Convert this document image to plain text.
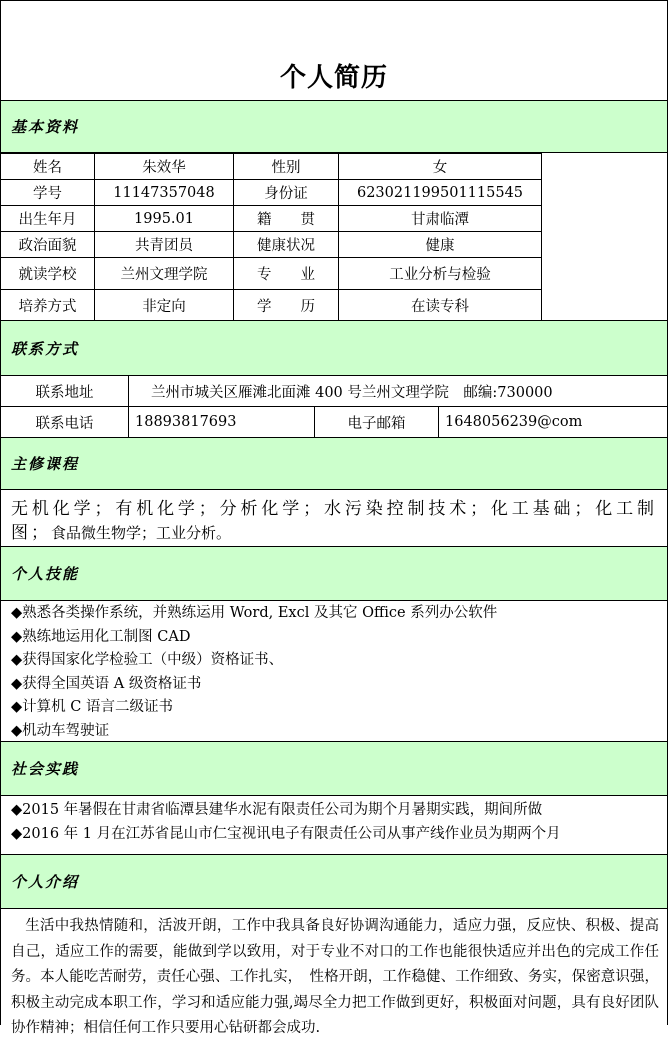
个人简历
基本资料
姓名	朱效华	性别	女
学号	11147357048	身份证	623021199501115545
出生年月	1995.01	籍　　贯	甘肃临潭
政治面貌	共青团员	健康状况	健康
就读学校	兰州文理学院	专　　业	工业分析与检验
培养方式	非定向	学　　历	在读专科
联系方式
联系地址	兰州市城关区雁滩北面滩 400 号兰州文理学院　邮编:730000
联系电话	18893817693	电子邮箱	1648056239@com
主修课程
无机化学；有机化学；分析化学；水污染控制技术；化工基础；化工制图；食品微生物学；工业分析。
个人技能
◆熟悉各类操作系统，并熟练运用 Word, Excl 及其它 Office 系列办公软件
◆熟练地运用化工制图 CAD
◆获得国家化学检验工（中级）资格证书、
◆获得全国英语 A 级资格证书
◆计算机 C 语言二级证书
◆机动车驾驶证
社会实践
◆2015 年暑假在甘肃省临潭县建华水泥有限责任公司为期个月暑期实践，期间所做
◆2016 年 1 月在江苏省昆山市仁宝视讯电子有限责任公司从事产线作业员为期两个月
个人介绍
生活中我热情随和，活波开朗，工作中我具备良好协调沟通能力，适应力强，反应快、积极、提高自己，适应工作的需要，能做到学以致用，对于专业不对口的工作也能很快适应并出色的完成工作任务。本人能吃苦耐劳，责任心强、工作扎实，　性格开朗，工作稳健、工作细致、务实，保密意识强，积极主动完成本职工作，学习和适应能力强,竭尽全力把工作做到更好，积极面对问题，具有良好团队协作精神；相信任何工作只要用心钻研都会成功.
